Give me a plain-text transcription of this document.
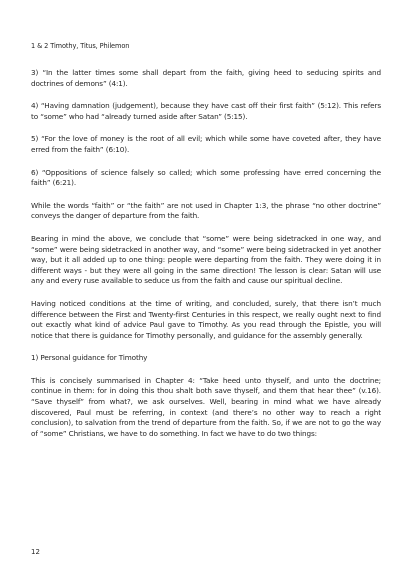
1 & 2 Timothy, Titus, Philemon

3) “In the latter times some shall depart from the faith, giving heed to seducing spirits and doctrines of demons” (4:1).

4) “Having damnation (judgement), because they have cast off their first faith” (5:12). This refers to “some” who had “already turned aside after Satan” (5:15).

5) “For the love of money is the root of all evil; which while some have coveted after, they have erred from the faith” (6:10).

6) “Oppositions of science falsely so called; which some professing have erred concerning the faith” (6:21).

While the words “faith” or “the faith” are not used in Chapter 1:3, the phrase “no other doctrine” conveys the danger of departure from the faith.

Bearing in mind the above, we conclude that “some” were being sidetracked in one way, and “some” were being sidetracked in another way, and “some” were being sidetracked in yet another way, but it all added up to one thing: people were departing from the faith. They were doing it in different ways - but they were all going in the same direction! The lesson is clear: Satan will use any and every ruse available to seduce us from the faith and cause our spiritual decline.

Having noticed conditions at the time of writing, and concluded, surely, that there isn’t much difference between the First and Twenty-first Centuries in this respect, we really ought next to find out exactly what kind of advice Paul gave to Timothy. As you read through the Epistle, you will notice that there is guidance for Timothy personally, and guidance for the assembly generally.

1) Personal guidance for Timothy

This is concisely summarised in Chapter 4: “Take heed unto thyself, and unto the doctrine; continue in them: for in doing this thou shalt both save thyself, and them that hear thee” (v.16). “Save thyself” from what?, we ask ourselves. Well, bearing in mind what we have already discovered, Paul must be referring, in context (and there’s no other way to reach a right conclusion), to salvation from the trend of departure from the faith. So, if we are not to go the way of “some” Christians, we have to do something. In fact we have to do two things:

12
